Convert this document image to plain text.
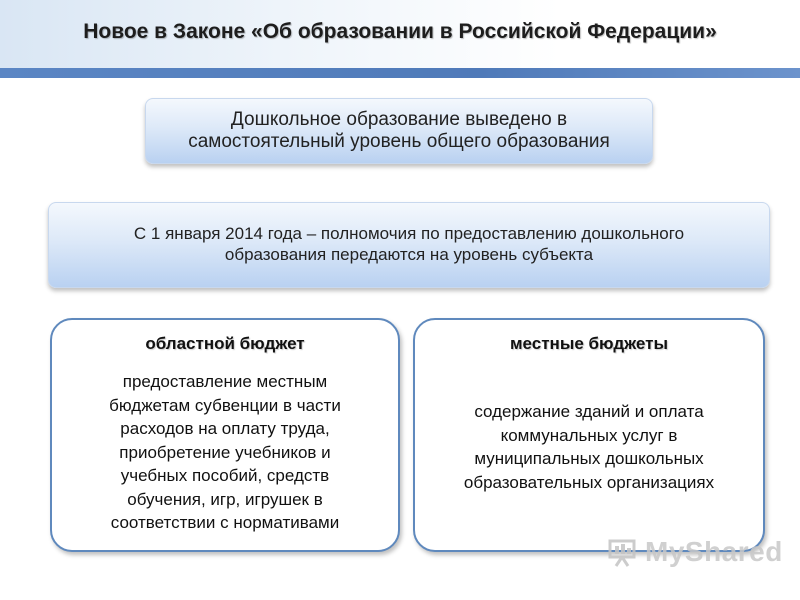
Новое в Законе «Об образовании в Российской Федерации»
Дошкольное образование выведено в
самостоятельный уровень общего образования
С 1 января 2014 года – полномочия по предоставлению дошкольного
образования передаются на уровень субъекта
областной бюджет
предоставление местным
бюджетам субвенции в части
расходов на оплату труда,
приобретение учебников и
учебных пособий, средств
обучения, игр, игрушек в
соответствии с нормативами
местные бюджеты
содержание зданий и оплата
коммунальных услуг в
муниципальных дошкольных
образовательных организациях
MyShared
